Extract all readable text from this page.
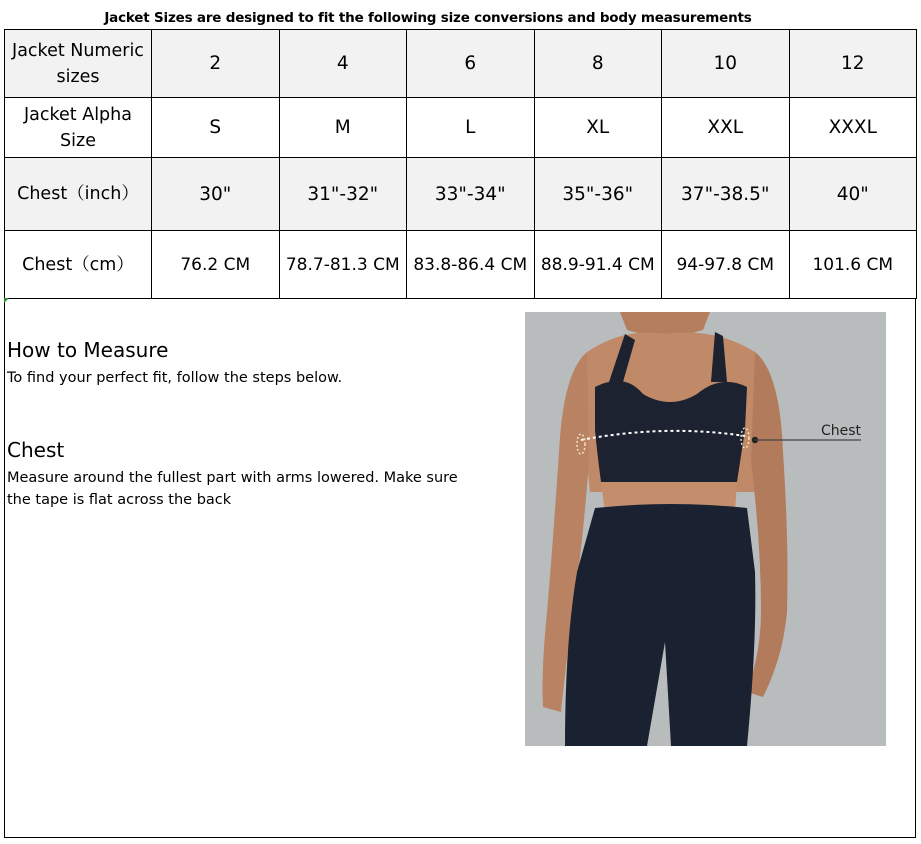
Jacket Sizes are designed to fit the following size conversions and body measurements
Jacket Numeric sizes	2	4	6	8	10	12
Jacket Alpha Size	S	M	L	XL	XXL	XXXL
Chest（inch）	30"	31"-32"	33"-34"	35"-36"	37"-38.5"	40"
Chest（cm）	76.2 CM	78.7-81.3 CM	83.8-86.4 CM	88.9-91.4 CM	94-97.8 CM	101.6 CM
How to Measure
To find your perfect fit, follow the steps below.
Chest
Measure around the fullest part with arms lowered. Make sure the tape is flat across the back
Chest
